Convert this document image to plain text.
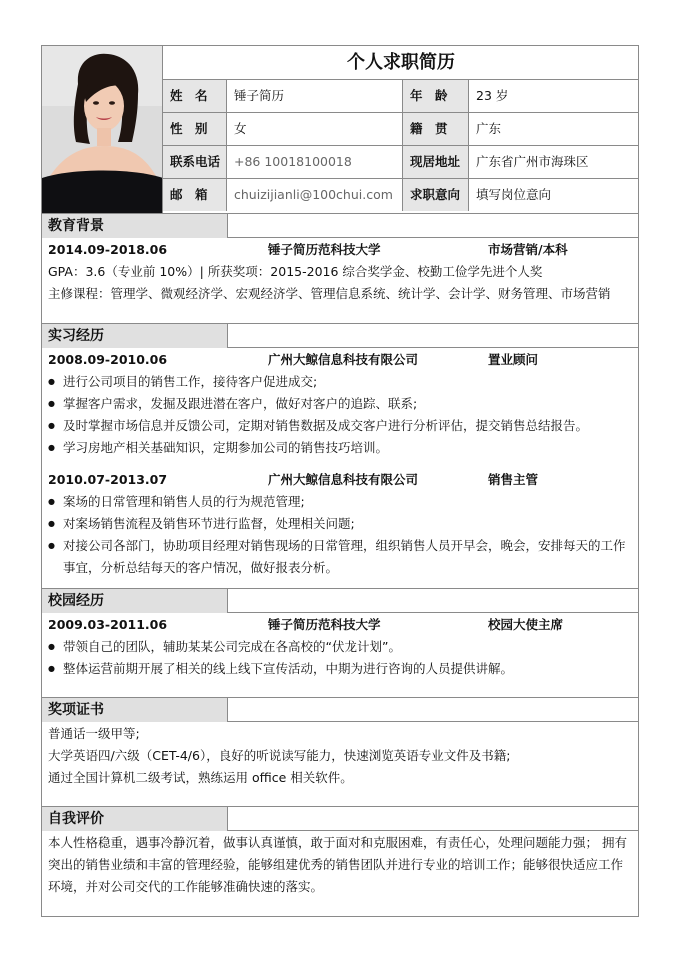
个人求职简历
姓　名	锤子简历	年　龄	23 岁
性　别	女	籍　贯	广东
联系电话	+86 10018100018	现居地址	广东省广州市海珠区
邮　箱	chuizijianli@100chui.com	求职意向	填写岗位意向
教育背景
2014.09-2018.06	锤子简历范科技大学	市场营销/本科
GPA：3.6（专业前 10%）| 所获奖项：2015-2016 综合奖学金、校勤工俭学先进个人奖
主修课程：管理学、微观经济学、宏观经济学、管理信息系统、统计学、会计学、财务管理、市场营销
实习经历
2008.09-2010.06	广州大鲸信息科技有限公司	置业顾问
● 进行公司项目的销售工作，接待客户促进成交;
● 掌握客户需求，发掘及跟进潜在客户，做好对客户的追踪、联系;
● 及时掌握市场信息并反馈公司，定期对销售数据及成交客户进行分析评估，提交销售总结报告。
● 学习房地产相关基础知识，定期参加公司的销售技巧培训。
2010.07-2013.07	广州大鲸信息科技有限公司	销售主管
● 案场的日常管理和销售人员的行为规范管理;
● 对案场销售流程及销售环节进行监督，处理相关问题;
● 对接公司各部门，协助项目经理对销售现场的日常管理，组织销售人员开早会，晚会，安排每天的工作事宜，分析总结每天的客户情况，做好报表分析。
校园经历
2009.03-2011.06	锤子简历范科技大学	校园大使主席
● 带领自己的团队，辅助某某公司完成在各高校的“伏龙计划”。
● 整体运营前期开展了相关的线上线下宣传活动，中期为进行咨询的人员提供讲解。
奖项证书
普通话一级甲等;
大学英语四/六级（CET-4/6），良好的听说读写能力，快速浏览英语专业文件及书籍;
通过全国计算机二级考试，熟练运用 office 相关软件。
自我评价
本人性格稳重，遇事冷静沉着，做事认真谨慎，敢于面对和克服困难，有责任心，处理问题能力强； 拥有突出的销售业绩和丰富的管理经验，能够组建优秀的销售团队并进行专业的培训工作；能够很快适应工作环境，并对公司交代的工作能够准确快速的落实。
